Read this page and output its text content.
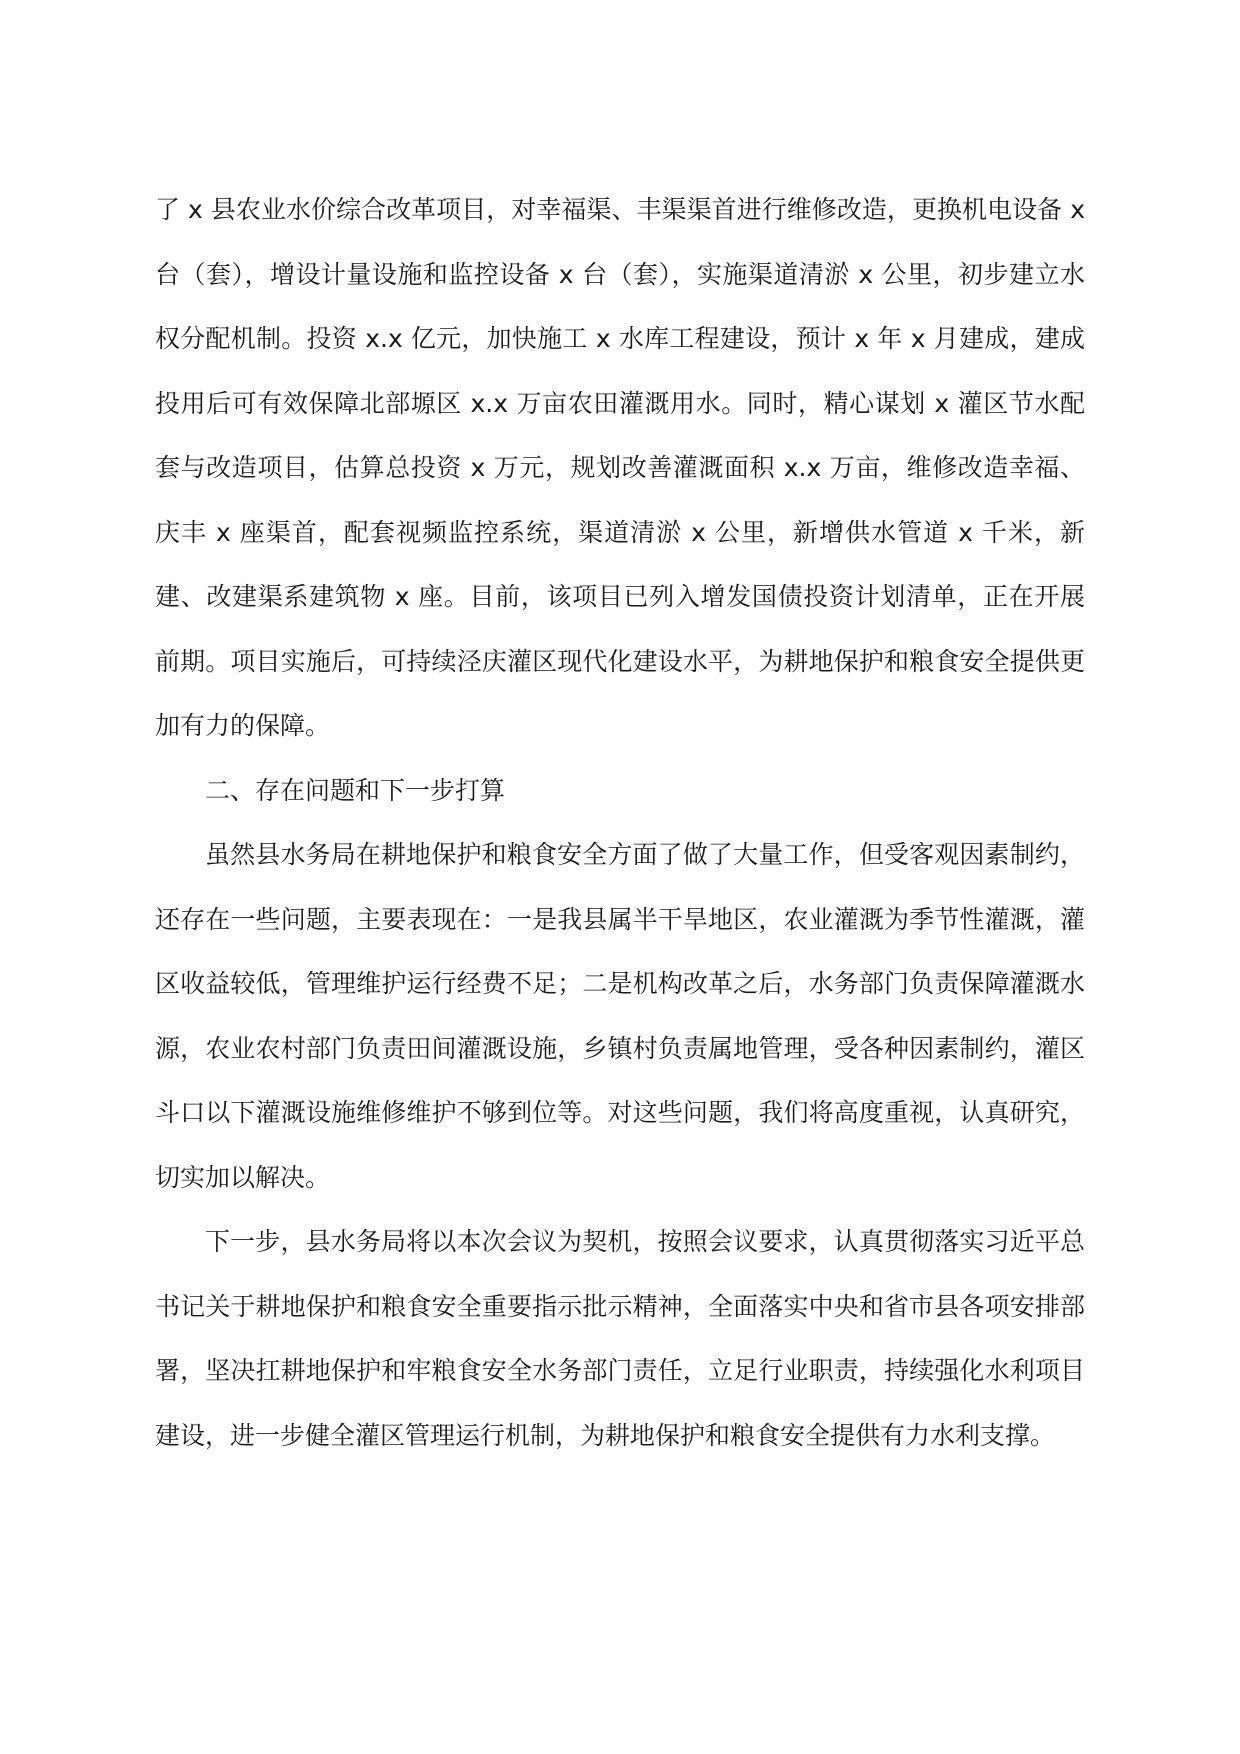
了 x 县农业水价综合改革项目，对幸福渠、丰渠渠首进行维修改造，更换机电设备 x 台（套），增设计量设施和监控设备 x 台（套），实施渠道清淤 x 公里，初步建立水权分配机制。投资 x.x 亿元，加快施工 x 水库工程建设，预计 x 年 x 月建成，建成投用后可有效保障北部塬区 x.x 万亩农田灌溉用水。同时，精心谋划 x 灌区节水配套与改造项目，估算总投资 x 万元，规划改善灌溉面积 x.x 万亩，维修改造幸福、庆丰 x 座渠首，配套视频监控系统，渠道清淤 x 公里，新增供水管道 x 千米，新建、改建渠系建筑物 x 座。目前，该项目已列入增发国债投资计划清单，正在开展前期。项目实施后，可持续泾庆灌区现代化建设水平，为耕地保护和粮食安全提供更加有力的保障。

二、存在问题和下一步打算

虽然县水务局在耕地保护和粮食安全方面了做了大量工作，但受客观因素制约，还存在一些问题，主要表现在：一是我县属半干旱地区，农业灌溉为季节性灌溉，灌区收益较低，管理维护运行经费不足；二是机构改革之后，水务部门负责保障灌溉水源，农业农村部门负责田间灌溉设施，乡镇村负责属地管理，受各种因素制约，灌区斗口以下灌溉设施维修维护不够到位等。对这些问题，我们将高度重视，认真研究，切实加以解决。

下一步，县水务局将以本次会议为契机，按照会议要求，认真贯彻落实习近平总书记关于耕地保护和粮食安全重要指示批示精神，全面落实中央和省市县各项安排部署，坚决扛耕地保护和牢粮食安全水务部门责任，立足行业职责，持续强化水利项目建设，进一步健全灌区管理运行机制，为耕地保护和粮食安全提供有力水利支撑。
